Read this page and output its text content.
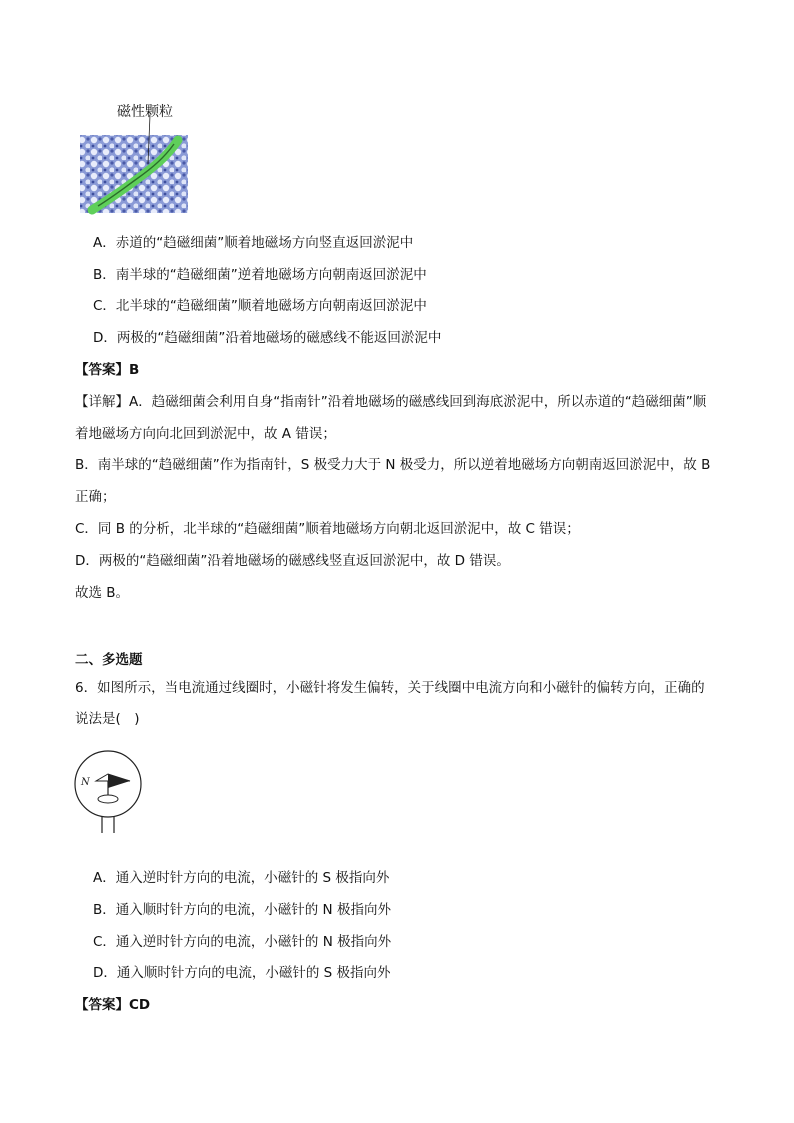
磁性颗粒
A．赤道的“趋磁细菌”顺着地磁场方向竖直返回淤泥中
B．南半球的“趋磁细菌”逆着地磁场方向朝南返回淤泥中
C．北半球的“趋磁细菌”顺着地磁场方向朝南返回淤泥中
D．两极的“趋磁细菌”沿着地磁场的磁感线不能返回淤泥中
【答案】B
【详解】A．趋磁细菌会利用自身“指南针”沿着地磁场的磁感线回到海底淤泥中，所以赤道的“趋磁细菌”顺
着地磁场方向向北回到淤泥中，故 A 错误；
B．南半球的“趋磁细菌”作为指南针，S 极受力大于 N 极受力，所以逆着地磁场方向朝南返回淤泥中，故 B
正确；
C．同 B 的分析，北半球的“趋磁细菌”顺着地磁场方向朝北返回淤泥中，故 C 错误；
D．两极的“趋磁细菌”沿着地磁场的磁感线竖直返回淤泥中，故 D 错误。
故选 B。
二、多选题
6．如图所示，当电流通过线圈时，小磁针将发生偏转，关于线圈中电流方向和小磁针的偏转方向，正确的
说法是(　)
N
A．通入逆时针方向的电流，小磁针的 S 极指向外
B．通入顺时针方向的电流，小磁针的 N 极指向外
C．通入逆时针方向的电流，小磁针的 N 极指向外
D．通入顺时针方向的电流，小磁针的 S 极指向外
【答案】CD
